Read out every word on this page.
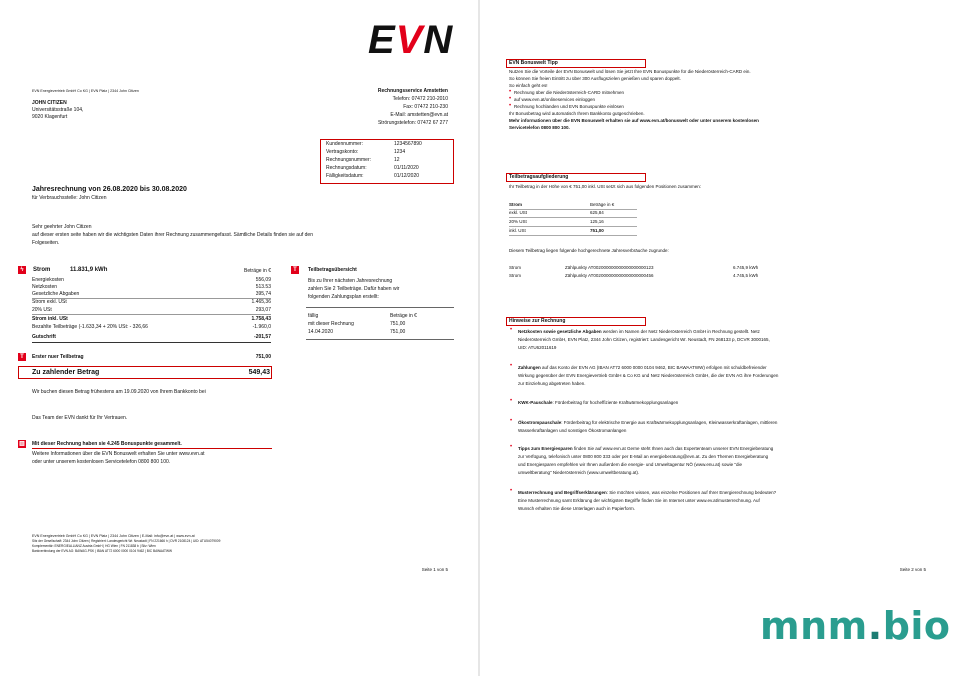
EVN
EVN Energievertrieb GmbH Co KG | EVN Platz | 2344 John Citizen
JOHN CITIZEN
Universitätsstraße 104,
9020 Klagenfurt
Rechnungsservice Amstetten
Telefon: 07472 210-2010
Fax: 07472 210-230
E-Mail: amstetten@evn.at
Strörungstelefon: 07472 67 277
Kundennummer:	1234567890
Vertragskonto:	1234
Rechnungsnummer:	12
Rechnungsdatum:	01/11/2020
Fälligkeitsdatum:	01/12/2020
Jahresrechnung von 26.08.2020 bis 30.08.2020
für Verbrauchsstelle: John Citizen
Sehr geehrter John Citizen
auf dieser ersten seite haben wir die wichtigsten Daten ihrer Rechnung zusammengefasst. Sämtliche Details finden sie auf den
Folgeseiten.
ϟ	Strom	11.831,9 kWh	Beträge in €
Energiekosten	556,09
Netzkosten	513.53
Gesetzliche Abgaben	395,74
Strom exkl. USt	1.465,36
20% USt	293,07
Strom inkl. USt	1.758,43
Bezahlte Teilbeträge (-1.633,34 + 20% USt: - 326,66	-1.960,0
Gutschrift	-201,57
T	Erster nuer Teilbetrag	751,00
Zu zahlender Betrag	549,43
Wir buchen diesen Betrag frühestens am 19.09.2020 von Ihrem Bankkonto bei
Das Team der EVN dankt für Ihr Vertrauen.
T	Teilbetragsübersicht
Bis zu Ihrer nächsten Jahresrechnung
zahlen Sie 2 Teilbeträge. Dafür haben wir
folgenden Zahlungsplan erstellt:
fällig	Beträge in €
mit dieser Rechnung	751,00
14.04.2020	751,00
▥ Mit dieser Rechnung haben sie 4.245 Bonuspunkte gesammelt.
Weitere Informationen über die EVN Bonuswelt erhalten Sie unter www.evn.at
oder unter unserem kostenlosen Servicetelefon 0800 800 100.
EVN Energievertrieb GmbH Co KG | EVN Platz | 2344 John Citizen | E-Mail: info@evn.at | www.evn.at
Sitz der Gesellschaft: 2344 John Citizen | Registriert: Landesgericht Wr. Neustadt | FN 221666 h | DVR 2108124 | UID: ATU54079009
Komplementär: ENERGIEALLIANZ Austria GmbH | HG Wien | FN 211838 b | Sitz: Wien
Bankverbindung der EVN AG: BAWAG-PSK | IBAN AT72 6000 0000 0104 9462 | BIC BAWAATWW
Seite 1 von 5
EVN Bonuswelt Tipp
Nutzen Sie die Vorteile der EVN Bonuswelt und lösen Sie jetzt Ihre EVN Bonuspunkte für die Niederösterreich-CARD ein.
So können Sie freien Eintritt zu über 300 Ausflugszielen genießen und sparen doppelt.
So einfach geht es!
• Rechnung über die Niederösterreich-CARD mitnehmen
• auf www.evn.at/onlineservices einloggen
• Rechnung hochlanden und EVN Bonuspunkte einlösen
Ihr Bonusbetrag wird automatisch Ihrem Bankkonto gutgeschrieben.
Mehr informationen über die EVN Bonuswelt erhalten sie auf www.evn.at/bonuswelt oder unter unserem kostenlosen
Servicetelefon 0800 800 100.
Teilbetragsaufgliederung
Ihr Teilbetrag in der Höhe von € 751,00 inkl. USt setzt sich aus folgenden Positionen zusammen:
Strom	Beträge in €
exkl. USt	625,84
20% USt	125,16
inkl. USt	751,00
Diesem Teilbetrag liegen folgende hochgerechnete Jahresverbräuche zugrunde:
Strom	Zählpunkty AT002000000000000000000123	6.745,9 kWh
Strom	Zählpunkty AT002000000000000000000456	4.745,5 kWh
Hinweise zur Rechnung
• Netzkosten sowie gesetzliche Abgaben werden im Namen der Netz Niederösterreich GmbH in Rechnung gestellt. Netz
Niederösterreich GmbH, EVN Platz, 2344 John Citizen, registriert: Landesgericht Wr. Neustadt, FN 268133 p, DCVR 3000165,
UID: ATU62011619
• Zahlungen auf das Konto der EVN AG (IBAN AT72 6000 0000 0104 9462, BIC BAWAATWW) erfolgen mit schuldbefreiender
Wirkung gegenüber der EVN Energievertrieb GmbH & Co KG und Netz Niederösterreich GmbH, die der EVN AG ihre Forderungen
zur Einziehung abgetreten haben.
• KWK-Pauschale: Förderbeitrag für hocheffiziente Kraftwärmekopplungsanlagen
• Ökostrompauschale: Förderbeitrag für elektrische Energie aus Kraftwärmekopplungsanlagen, Kleinwasserkraftanlagen, mittleren
Wasserkraftanlagen und sonstigen Ökostromanlangen
• Tipps zum Energiesparen finden Sie auf www.evn.at Gerne steht Ihnen auch das Expertenteam unserer EVN Energieberatung
zur Verfügung, telefonisch unter 0800 800 333 oder per E-Mail an energieberatung@evn.at. Zu den Themen Energieberatung
und Energiesparen empfehlen wir Ihnen außerdem die energie- und Umweltagentur NÖ (www.enu.at) sowie "die
umweltberatung" Niederösterreich (www.umweltberatung.at).
• Musterrechnung und Begriffserklärungen: Sie möchten wissen, was einzelne Positionen auf Ihrer Energierechnung bedeuten?
Eine Musterrechnung samt Erklärung der wichtigsten Begriffe finden Sie im Internet unter www.ev.at/musterrechnung. Auf
Wunsch erhalten Sie diese Unterlagen auch in Papierform.
Seite 2 von 5
mnm.bio
